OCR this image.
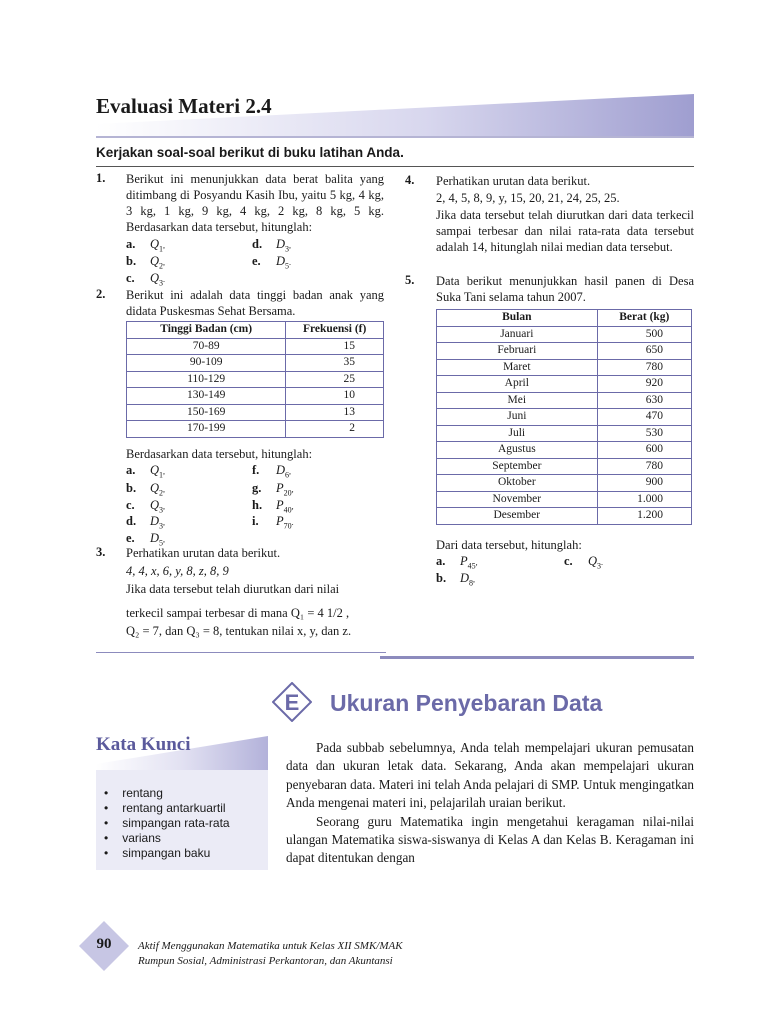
Evaluasi Materi 2.4
Kerjakan soal-soal berikut di buku latihan Anda.
1. Berikut ini menunjukkan data berat balita yang ditimbang di Posyandu Kasih Ibu, yaitu 5 kg, 4 kg, 3 kg, 1 kg, 9 kg, 4 kg, 2 kg, 8 kg, 5 kg. Berdasarkan data tersebut, hitunglah:
a. $Q_1$,	d. $D_3$,
b. $Q_2$,	e. $D_5$.
c. $Q_3$.
2. Berikut ini adalah data tinggi badan anak yang didata Puskesmas Sehat Bersama.
Tinggi Badan (cm)	Frekuensi (f)
70-89	15
90-109	35
110-129	25
130-149	10
150-169	13
170-199	2
Berdasarkan data tersebut, hitunglah:
a. $Q_1$,	f. $D_6$,
b. $Q_2$,	g. $P_{20}$,
c. $Q_3$,	h. $P_{40}$,
d. $D_3$,	i. $P_{70}$.
e. $D_5$,
3. Perhatikan urutan data berikut.
4, 4, x, 6, y, 8, z, 8, 9
Jika data tersebut telah diurutkan dari nilai
terkecil sampai terbesar di mana Q₁ = 4 1/2 ,
Q₂ = 7, dan Q₃ = 8, tentukan nilai x, y, dan z.
4. Perhatikan urutan data berikut.
2, 4, 5, 8, 9, y, 15, 20, 21, 24, 25, 25.
Jika data tersebut telah diurutkan dari data terkecil sampai terbesar dan nilai rata-rata data tersebut adalah 14, hitunglah nilai median data tersebut.
5. Data berikut menunjukkan hasil panen di Desa Suka Tani selama tahun 2007.
Bulan	Berat (kg)
Januari	500
Februari	650
Maret	780
April	920
Mei	630
Juni	470
Juli	530
Agustus	600
September	780
Oktober	900
November	1.000
Desember	1.200
Dari data tersebut, hitunglah:
a. $P_{45}$,	c. $Q_3$.
b. $D_8$,
E	Ukuran Penyebaran Data
Kata Kunci
• rentang
• rentang antarkuartil
• simpangan rata-rata
• varians
• simpangan baku

Pada subbab sebelumnya, Anda telah mempelajari ukuran pemusatan data dan ukuran letak data. Sekarang, Anda akan mempelajari ukuran penyebaran data. Materi ini telah Anda pelajari di SMP. Untuk mengingatkan Anda mengenai materi ini, pelajarilah uraian berikut.

Seorang guru Matematika ingin mengetahui keragaman nilai-nilai ulangan Matematika siswa-siswanya di Kelas A dan Kelas B. Keragaman ini dapat ditentukan dengan

90	Aktif Menggunakan Matematika untuk Kelas XII SMK/MAK
Rumpun Sosial, Administrasi Perkantoran, dan Akuntansi
